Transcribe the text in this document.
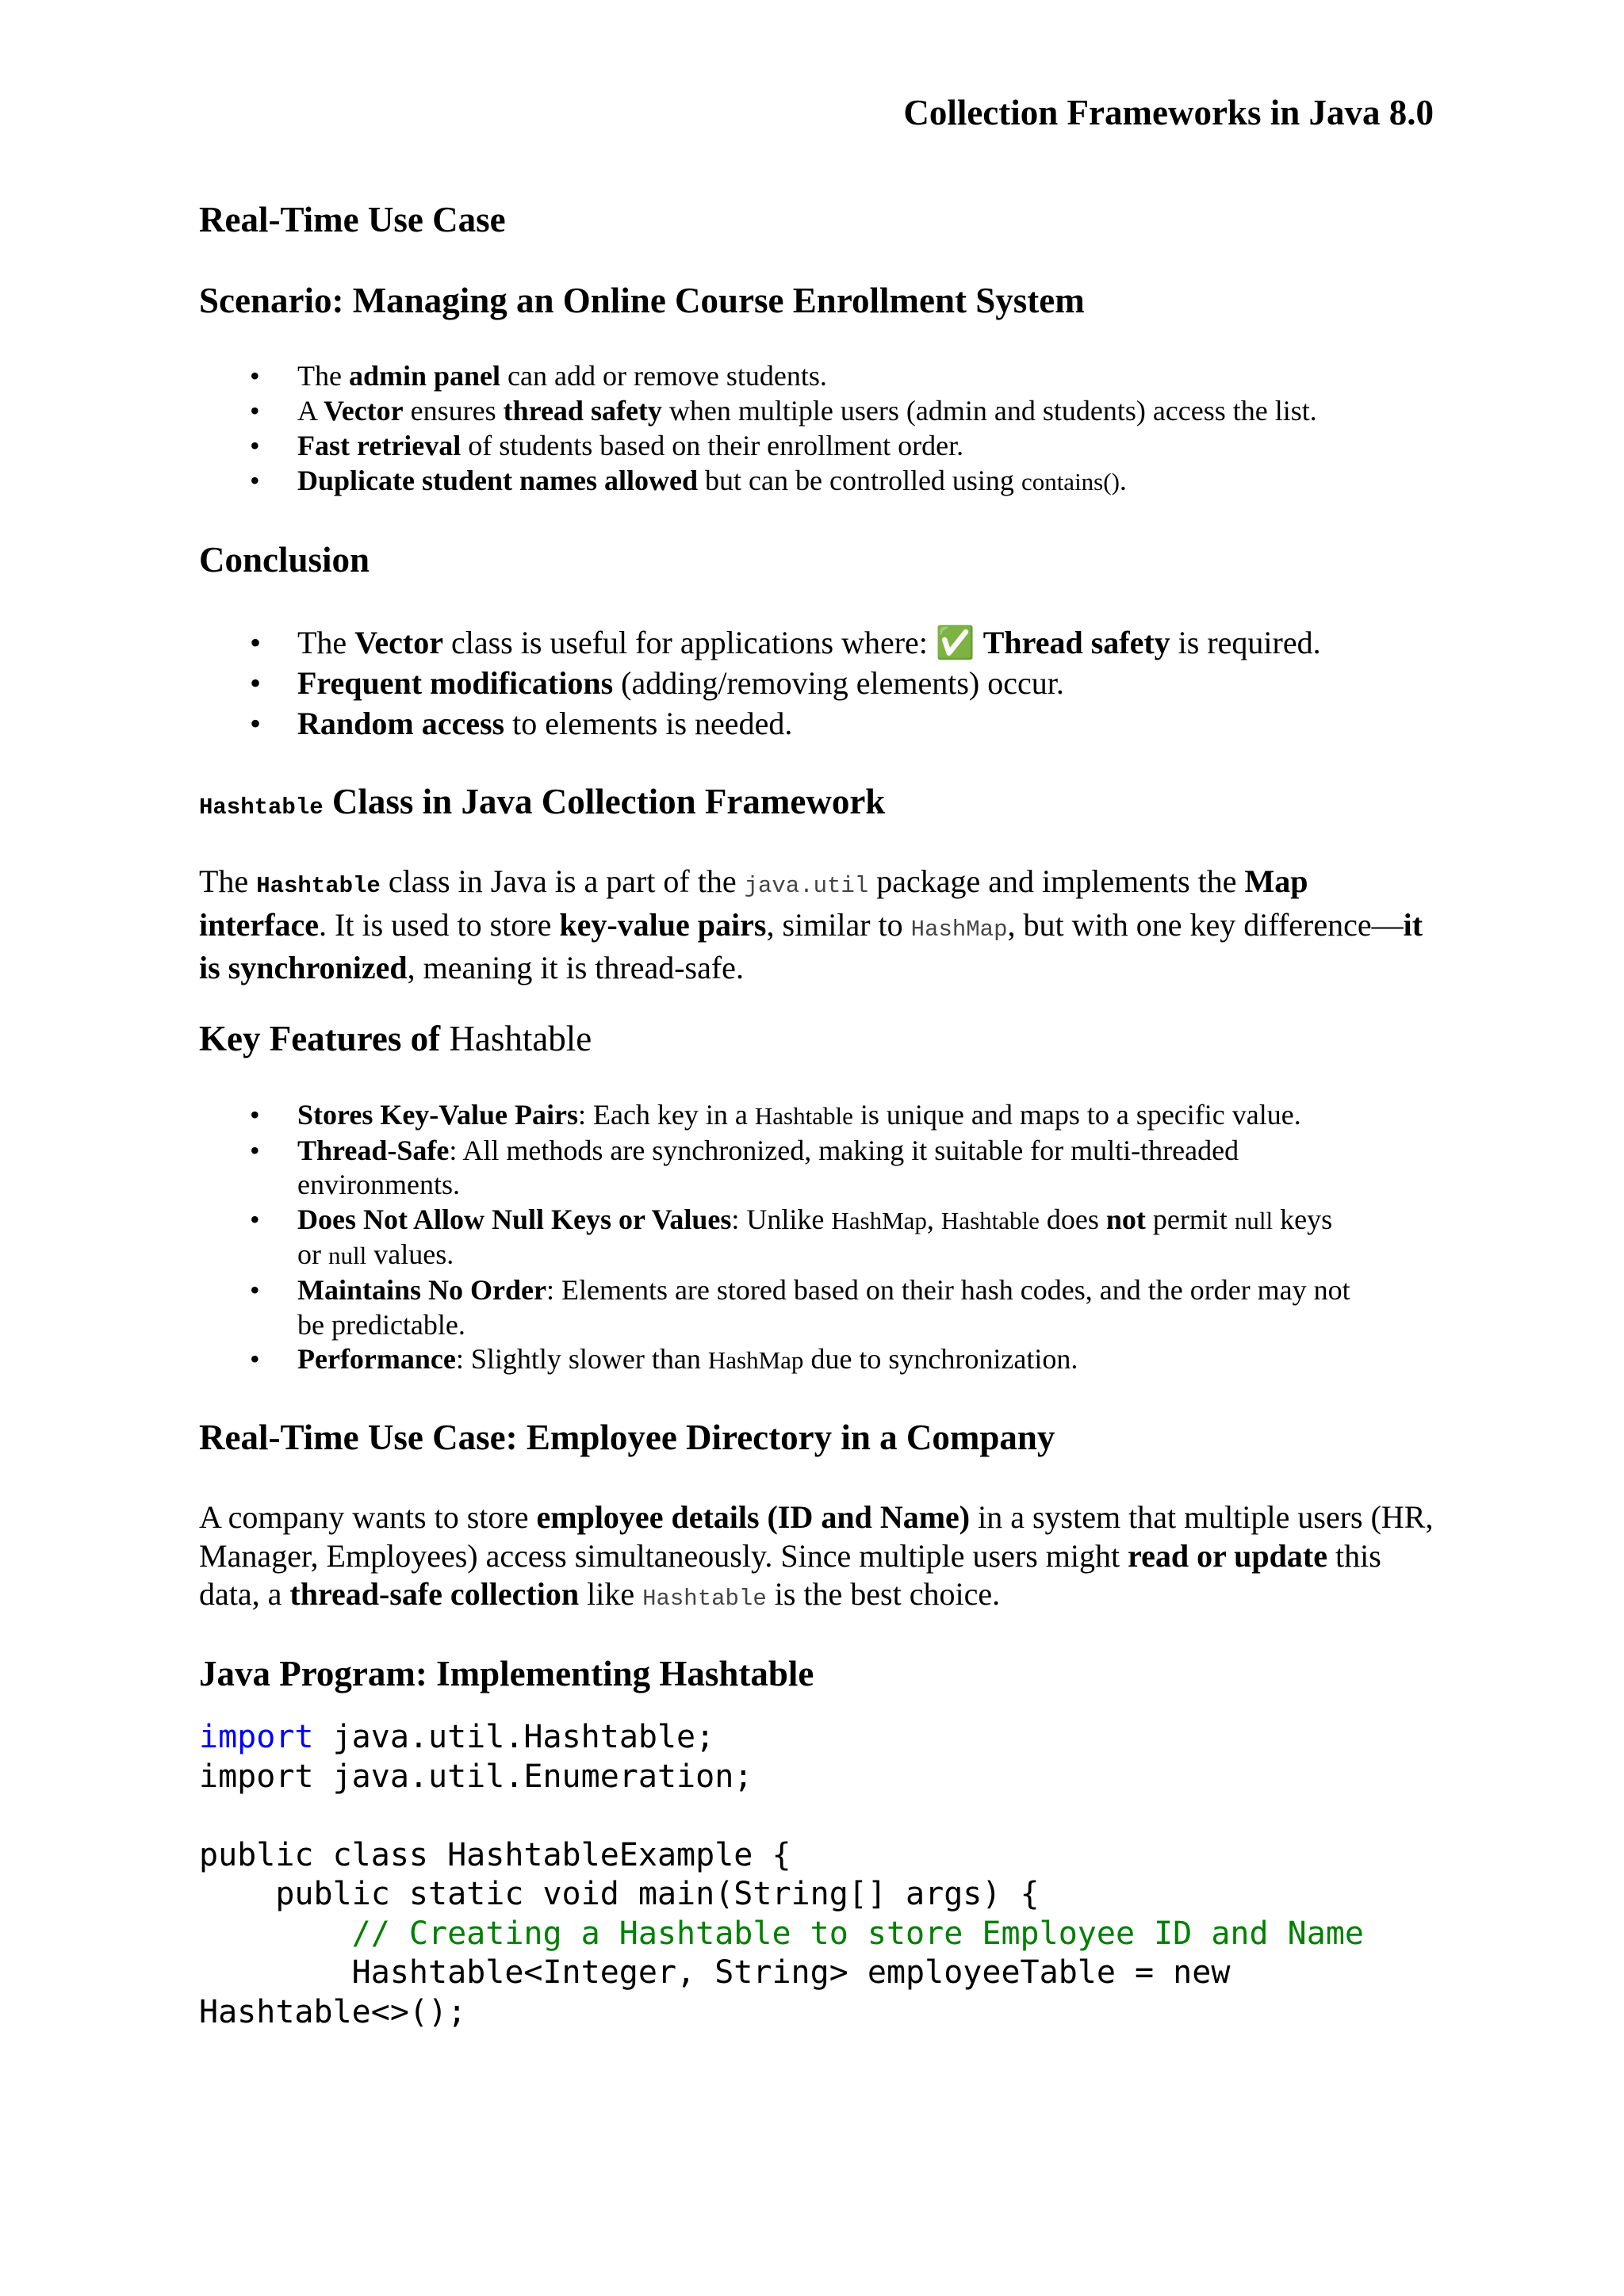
Collection Frameworks in Java 8.0
Real-Time Use Case
Scenario: Managing an Online Course Enrollment System
• The admin panel can add or remove students.
• A Vector ensures thread safety when multiple users (admin and students) access the list.
• Fast retrieval of students based on their enrollment order.
• Duplicate student names allowed but can be controlled using contains().
Conclusion
• The Vector class is useful for applications where: ✅ Thread safety is required.
• Frequent modifications (adding/removing elements) occur.
• Random access to elements is needed.
Hashtable Class in Java Collection Framework

The Hashtable class in Java is a part of the java.util package and implements the Map interface. It is used to store key-value pairs, similar to HashMap, but with one key difference—it is synchronized, meaning it is thread-safe.

Key Features of Hashtable
• Stores Key-Value Pairs: Each key in a Hashtable is unique and maps to a specific value.
• Thread-Safe: All methods are synchronized, making it suitable for multi-threaded
environments.
• Does Not Allow Null Keys or Values: Unlike HashMap, Hashtable does not permit null keys
or null values.
• Maintains No Order: Elements are stored based on their hash codes, and the order may not
be predictable.
• Performance: Slightly slower than HashMap due to synchronization.
Real-Time Use Case: Employee Directory in a Company

A company wants to store employee details (ID and Name) in a system that multiple users (HR, Manager, Employees) access simultaneously. Since multiple users might read or update this data, a thread-safe collection like Hashtable is the best choice.

Java Program: Implementing Hashtable
import java.util.Hashtable;
import java.util.Enumeration;

public class HashtableExample {
public static void main(String[] args) {
// Creating a Hashtable to store Employee ID and Name
Hashtable<Integer, String> employeeTable = new
Hashtable<>();
